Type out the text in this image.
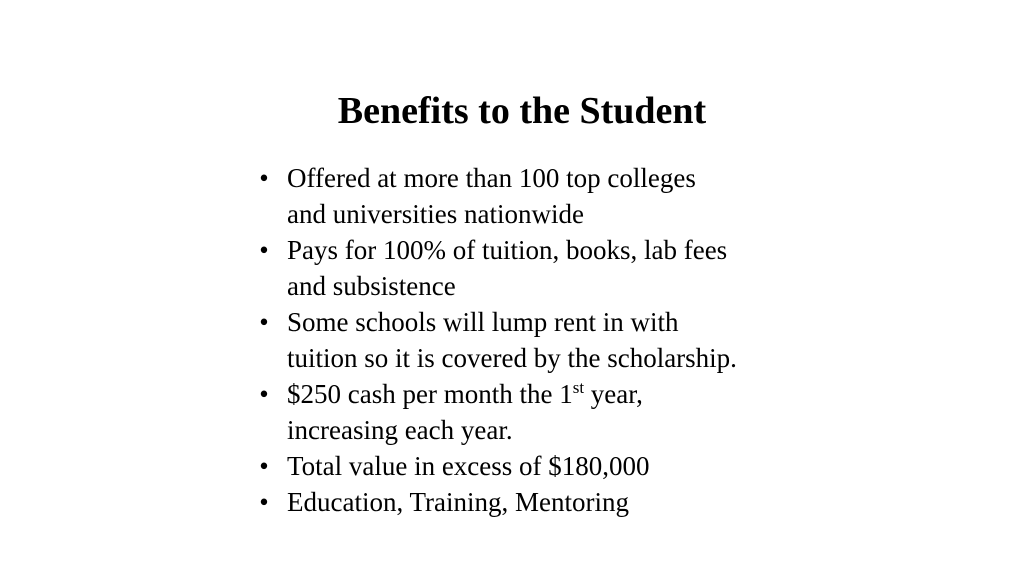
Benefits to the Student
• Offered at more than 100 top colleges
and universities nationwide
• Pays for 100% of tuition, books, lab fees
and subsistence
• Some schools will lump rent in with
tuition so it is covered by the scholarship.
• $250 cash per month the 1st year,
increasing each year.
• Total value in excess of $180,000
• Education, Training, Mentoring
